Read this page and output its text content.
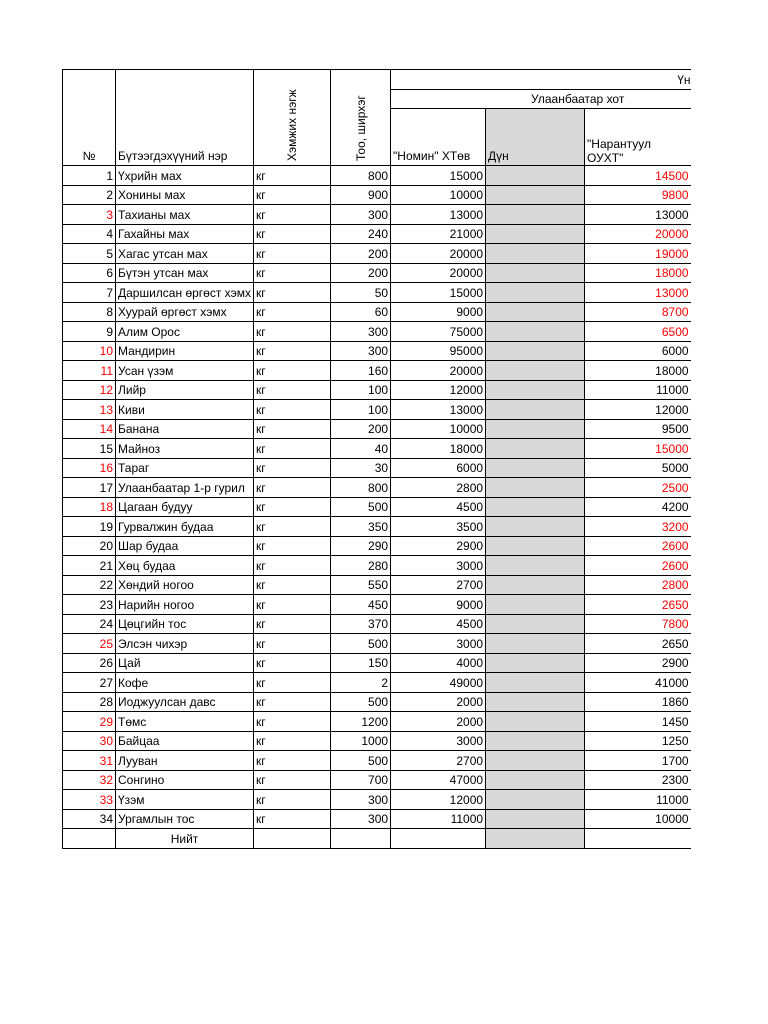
№	Бүтээгдэхүүний нэр	Хэмжих нэгж	Тоо, ширхэг	Үн		
				Улаанбаатар хот		
				"Номин" ХТөв	Дүн	"Нарантуул ОУХТ"
1	Үхрийн мах	кг	800	15000		14500
2	Хонины мах	кг	900	10000		9800
3	Тахианы мах	кг	300	13000		13000
4	Гахайны мах	кг	240	21000		20000
5	Хагас утсан мах	кг	200	20000		19000
6	Бүтэн утсан мах	кг	200	20000		18000
7	Даршилсан өргөст хэмх	кг	50	15000		13000
8	Хуурай өргөст хэмх	кг	60	9000		8700
9	Алим Орос	кг	300	75000		6500
10	Мандирин	кг	300	95000		6000
11	Усан үзэм	кг	160	20000		18000
12	Лийр	кг	100	12000		11000
13	Киви	кг	100	13000		12000
14	Банана	кг	200	10000		9500
15	Майноз	кг	40	18000		15000
16	Тараг	кг	30	6000		5000
17	Улаанбаатар 1-р гурил	кг	800	2800		2500
18	Цагаан будуу	кг	500	4500		4200
19	Гурвалжин будаа	кг	350	3500		3200
20	Шар будаа	кг	290	2900		2600
21	Хөц будаа	кг	280	3000		2600
22	Хөндий ногоо	кг	550	2700		2800
23	Нарийн ногоо	кг	450	9000		2650
24	Цөцгийн тос	кг	370	4500		7800
25	Элсэн чихэр	кг	500	3000		2650
26	Цай	кг	150	4000		2900
27	Кофе	кг	2	49000		41000
28	Иоджуулсан давс	кг	500	2000		1860
29	Төмс	кг	1200	2000		1450
30	Байцаа	кг	1000	3000		1250
31	Лууван	кг	500	2700		1700
32	Сонгино	кг	700	47000		2300
33	Үзэм	кг	300	12000		11000
34	Ургамлын тос	кг	300	11000		10000
	Нийт					
